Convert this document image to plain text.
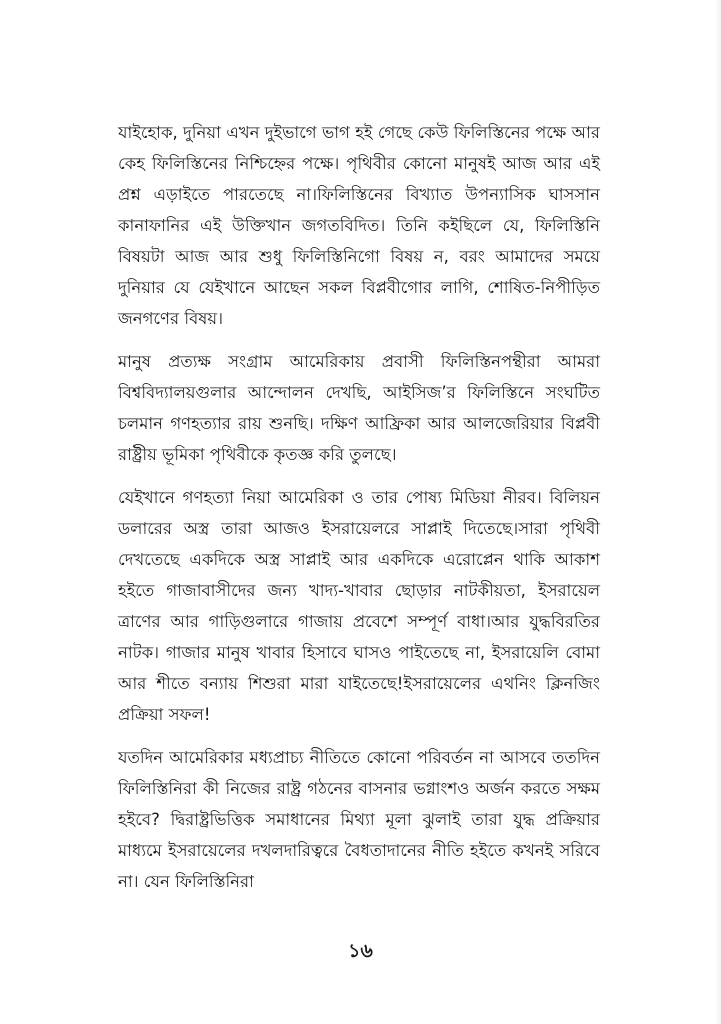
যাইহোক, দুনিয়া এখন দুইভাগে ভাগ হই গেছে কেউ ফিলিস্তিনের পক্ষে আর কেহ ফিলিস্তিনের নিশ্চিহ্নের পক্ষে। পৃথিবীর কোনো মানুষই আজ আর এই প্রশ্ন এড়াইতে পারতেছে না।ফিলিস্তিনের বিখ্যাত উপন্যাসিক ঘাসসান কানাফানির এই উক্তিখান জগতবিদিত। তিনি কইছিলে যে, ফিলিস্তিনি বিষয়টা আজ আর শুধু ফিলিস্তিনিগো বিষয় ন, বরং আমাদের সময়ে দুনিয়ার যে যেইখানে আছেন সকল বিপ্লবীগোর লাগি, শোষিত-নিপীড়িত জনগণের বিষয়।

মানুষ প্রত্যক্ষ সংগ্রাম আমেরিকায় প্রবাসী ফিলিস্তিনপন্থীরা আমরা বিশ্ববিদ্যালয়গুলার আন্দোলন দেখছি, আইসিজ’র ফিলিস্তিনে সংঘটিত চলমান গণহত্যার রায় শুনছি। দক্ষিণ আফ্রিকা আর আলজেরিয়ার বিপ্লবী রাষ্ট্রীয় ভূমিকা পৃথিবীকে কৃতজ্ঞ করি তুলছে।

যেইখানে গণহত্যা নিয়া আমেরিকা ও তার পোষ্য মিডিয়া নীরব। বিলিয়ন ডলারের অস্ত্র তারা আজও ইসরায়েলরে সাপ্লাই দিতেছে।সারা পৃথিবী দেখতেছে একদিকে অস্ত্র সাপ্লাই আর একদিকে এরোপ্লেন থাকি আকাশ হইতে গাজাবাসীদের জন্য খাদ্য-খাবার ছোড়ার নাটকীয়তা, ইসরায়েল ত্রাণের আর গাড়িগুলারে গাজায় প্রবেশে সম্পূর্ণ বাধা।আর যুদ্ধবিরতির নাটক। গাজার মানুষ খাবার হিসাবে ঘাসও পাইতেছে না, ইসরায়েলি বোমা আর শীতে বন্যায় শিশুরা মারা যাইতেছে!ইসরায়েলের এথনিং ক্লিনজিং প্রক্রিয়া সফল!

যতদিন আমেরিকার মধ্যপ্রাচ্য নীতিতে কোনো পরিবর্তন না আসবে ততদিন ফিলিস্তিনিরা কী নিজের রাষ্ট্র গঠনের বাসনার ভগ্নাংশও অর্জন করতে সক্ষম হইবে? দ্বিরাষ্ট্রভিত্তিক সমাধানের মিথ্যা মূলা ঝুলাই তারা যুদ্ধ প্রক্রিয়ার মাধ্যমে ইসরায়েলের দখলদারিত্বরে বৈধতাদানের নীতি হইতে কখনই সরিবে না। যেন ফিলিস্তিনিরা

১৬
